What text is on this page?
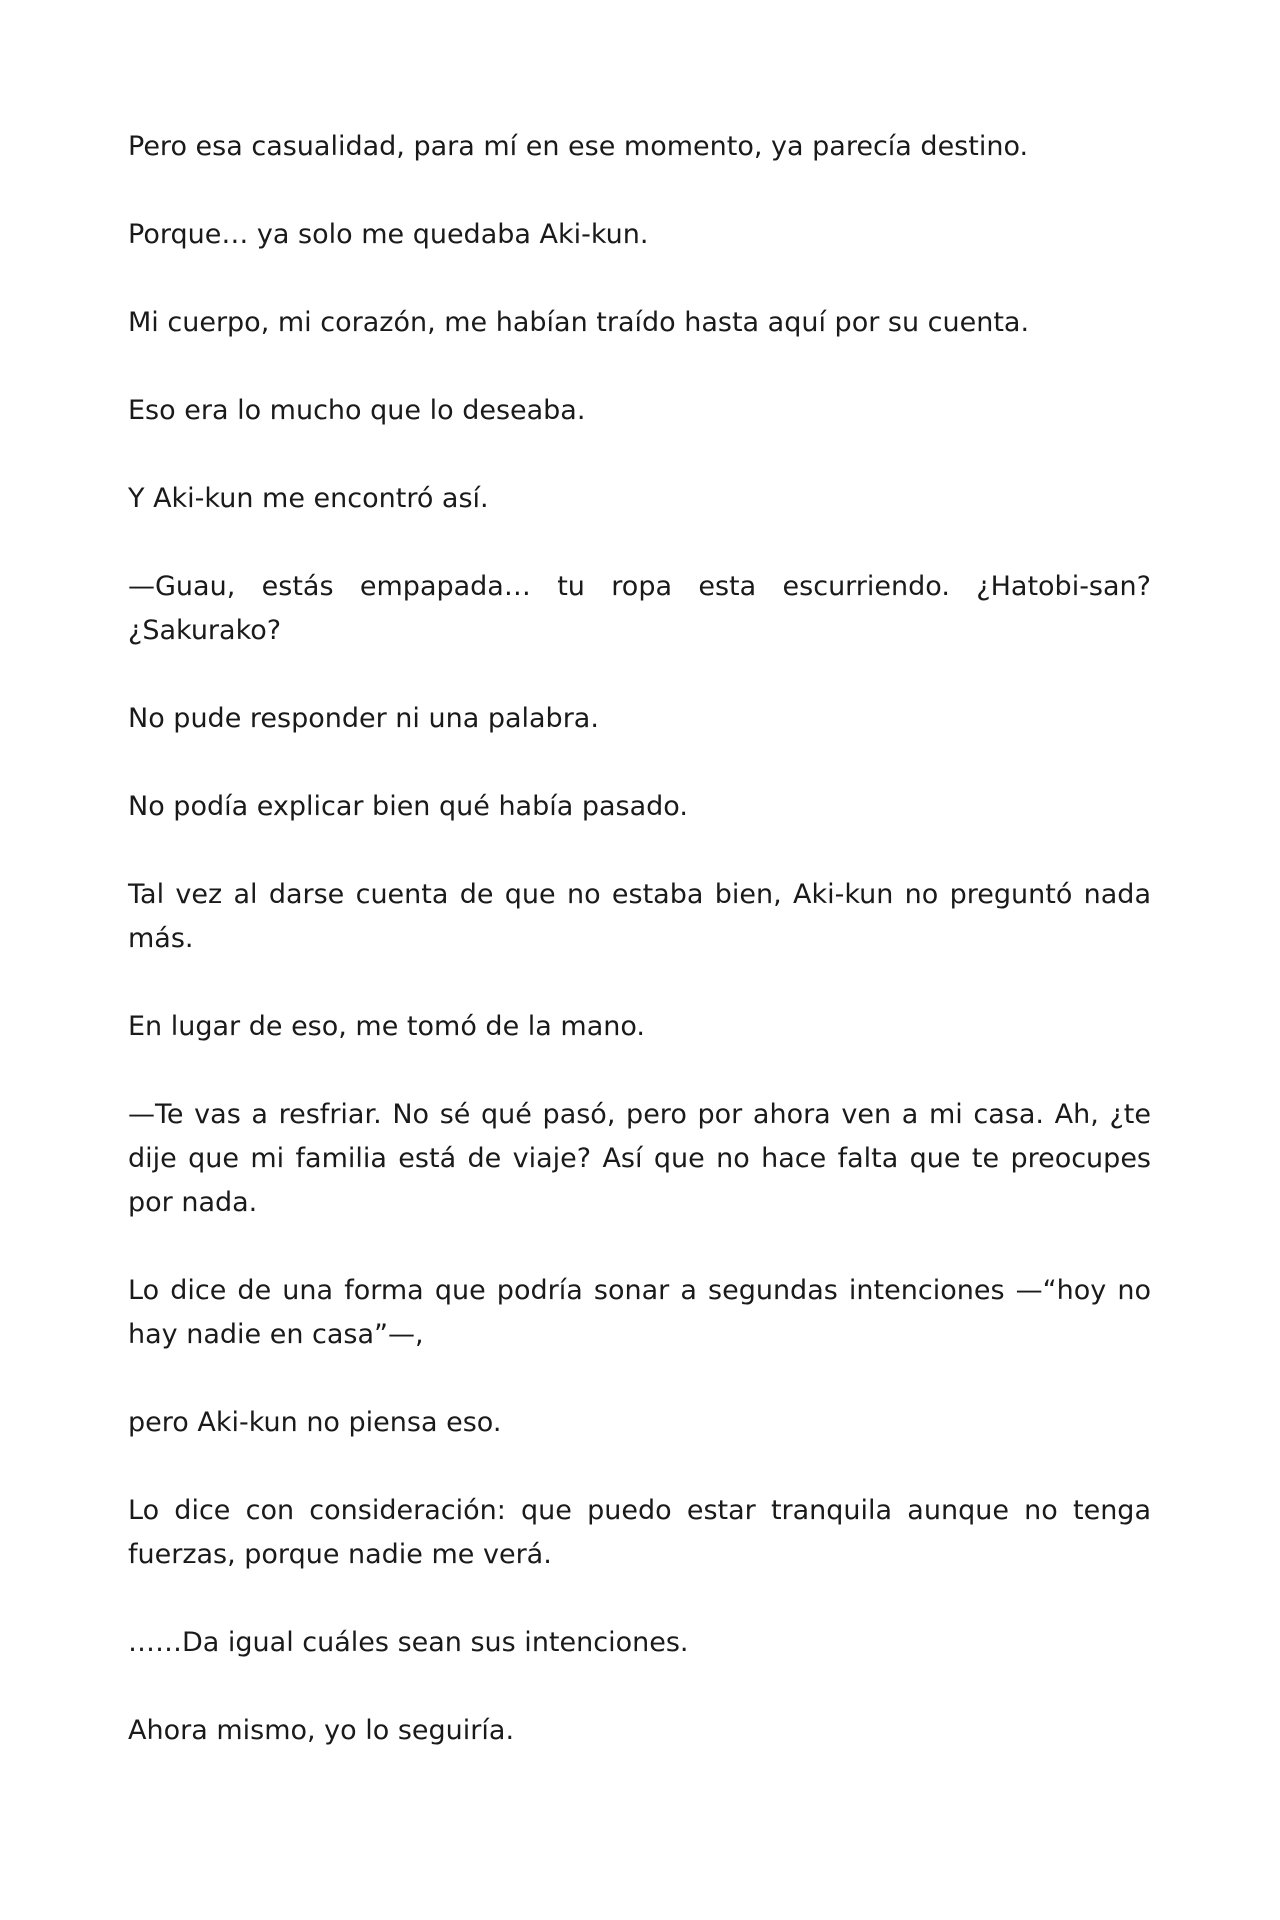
Pero esa casualidad, para mí en ese momento, ya parecía destino.

Porque… ya solo me quedaba Aki-kun.

Mi cuerpo, mi corazón, me habían traído hasta aquí por su cuenta.

Eso era lo mucho que lo deseaba.

Y Aki-kun me encontró así.

—Guau, estás empapada… tu ropa esta escurriendo. ¿Hatobi-san? ¿Sakurako?

No pude responder ni una palabra.

No podía explicar bien qué había pasado.

Tal vez al darse cuenta de que no estaba bien, Aki-kun no preguntó nada más.

En lugar de eso, me tomó de la mano.

—Te vas a resfriar. No sé qué pasó, pero por ahora ven a mi casa. Ah, ¿te dije que mi familia está de viaje? Así que no hace falta que te preocupes por nada.

Lo dice de una forma que podría sonar a segundas intenciones —“hoy no hay nadie en casa”—,

pero Aki-kun no piensa eso.

Lo dice con consideración: que puedo estar tranquila aunque no tenga fuerzas, porque nadie me verá.

……Da igual cuáles sean sus intenciones.

Ahora mismo, yo lo seguiría.
